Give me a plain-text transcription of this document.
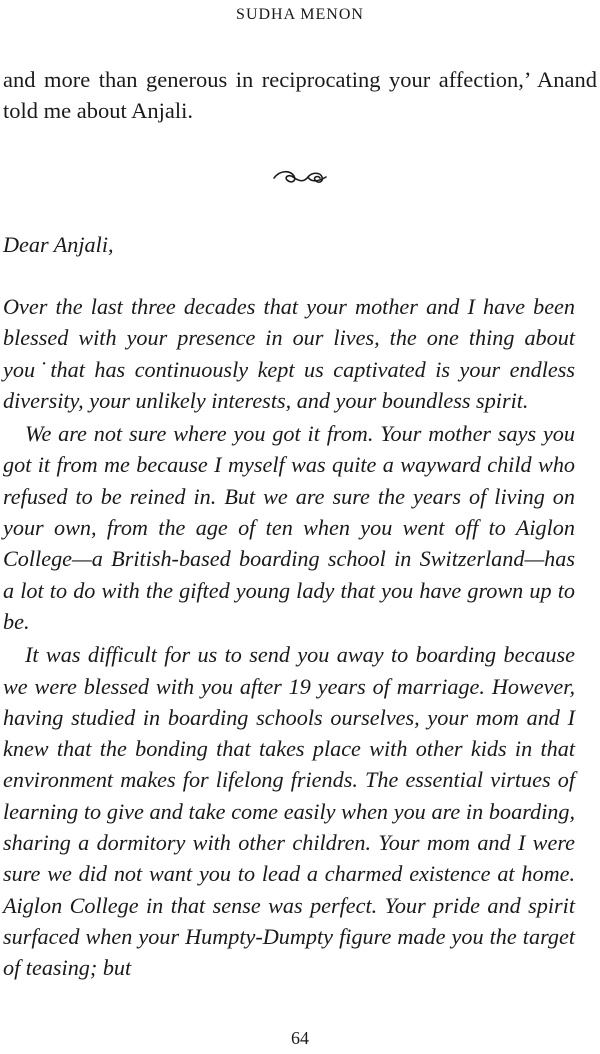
SUDHA MENON

and more than generous in reciprocating your affection,’ Anand told me about Anjali.

Dear Anjali,

Over the last three decades that your mother and I have been blessed with your presence in our lives, the one thing about you˙that has continuously kept us captivated is your endless diversity, your unlikely interests, and your boundless spirit.

We are not sure where you got it from. Your mother says you got it from me because I myself was quite a wayward child who refused to be reined in. But we are sure the years of living on your own, from the age of ten when you went off to Aiglon College—a British-based boarding school in Switzerland—has a lot to do with the gifted young lady that you have grown up to be.

It was difficult for us to send you away to boarding because we were blessed with you after 19 years of marriage. However, having studied in boarding schools ourselves, your mom and I knew that the bonding that takes place with other kids in that environment makes for lifelong friends. The essential virtues of learning to give and take come easily when you are in boarding, sharing a dormitory with other children. Your mom and I were sure we did not want you to lead a charmed existence at home. Aiglon College in that sense was perfect. Your pride and spirit surfaced when your Humpty-Dumpty figure made you the target of teasing; but

64
